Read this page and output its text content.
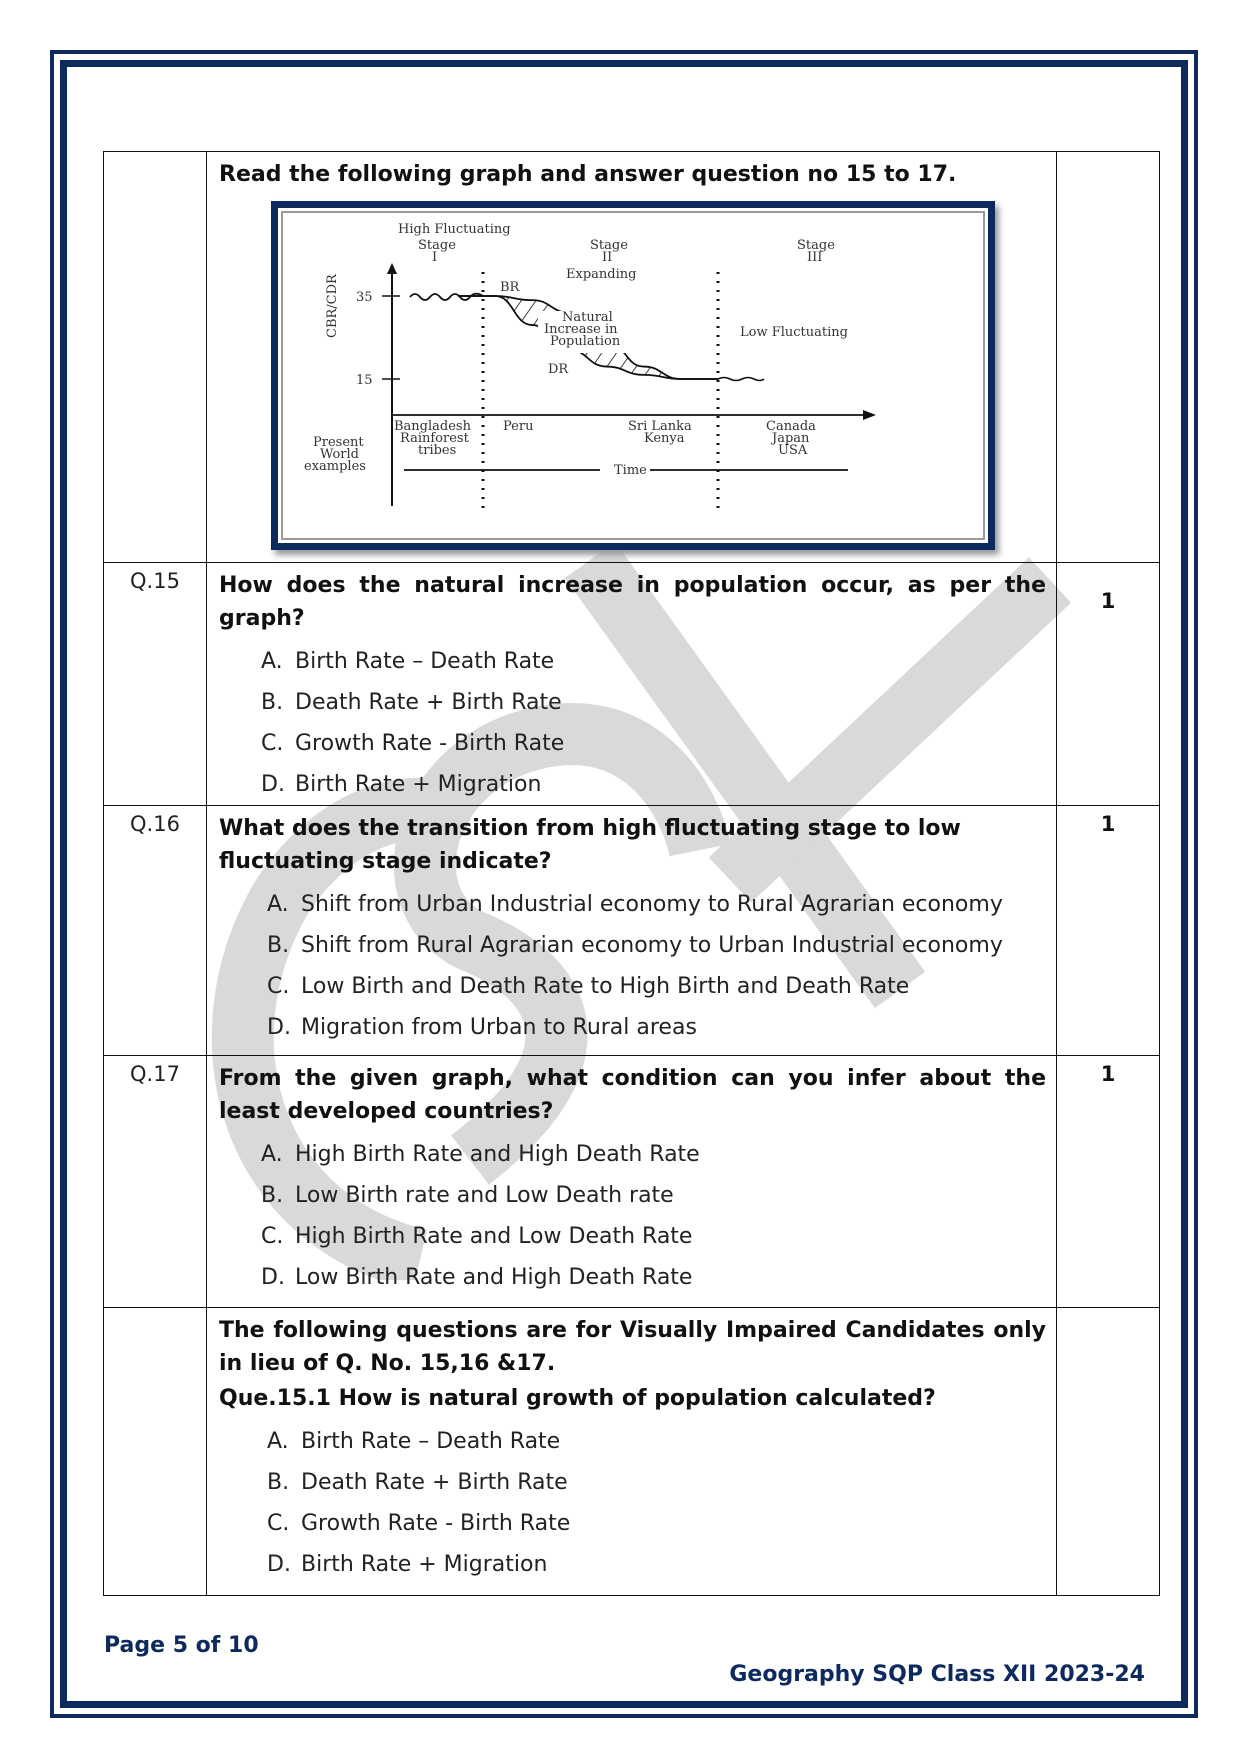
Read the following graph and answer question no 15 to 17.
High Fluctuating
Stage
I
Stage
II
Expanding
Stage
III
Low Fluctuating
CBR/CDR 35
15
Natural
Increase in
Population
BR
DR
Bangladesh
Rainforest
tribes
Peru	Sri Lanka
Kenya
Canada
Japan
USA
Present
World
examples	Time

Q.15	How does the natural increase in population occur, as per the graph?
A. Birth Rate – Death Rate
B. Death Rate + Birth Rate
C. Growth Rate - Birth Rate
D. Birth Rate + Migration

1

Q.16	What does the transition from high fluctuating stage to low fluctuating stage indicate?
A. Shift from Urban Industrial economy to Rural Agrarian economy
B. Shift from Rural Agrarian economy to Urban Industrial economy
C. Low Birth and Death Rate to High Birth and Death Rate
D. Migration from Urban to Rural areas
	1
Q.17	From the given graph, what condition can you infer about the least developed countries?
A. High Birth Rate and High Death Rate
B. Low Birth rate and Low Death rate
C. High Birth Rate and Low Death Rate
D. Low Birth Rate and High Death Rate
	1

The following questions are for Visually Impaired Candidates only in lieu of Q. No. 15,16 &17.
Que.15.1 How is natural growth of population calculated?
A. Birth Rate – Death Rate
B. Death Rate + Birth Rate
C. Growth Rate - Birth Rate
D. Birth Rate + Migration

Page 5 of 10
Geography SQP Class XII 2023-24
